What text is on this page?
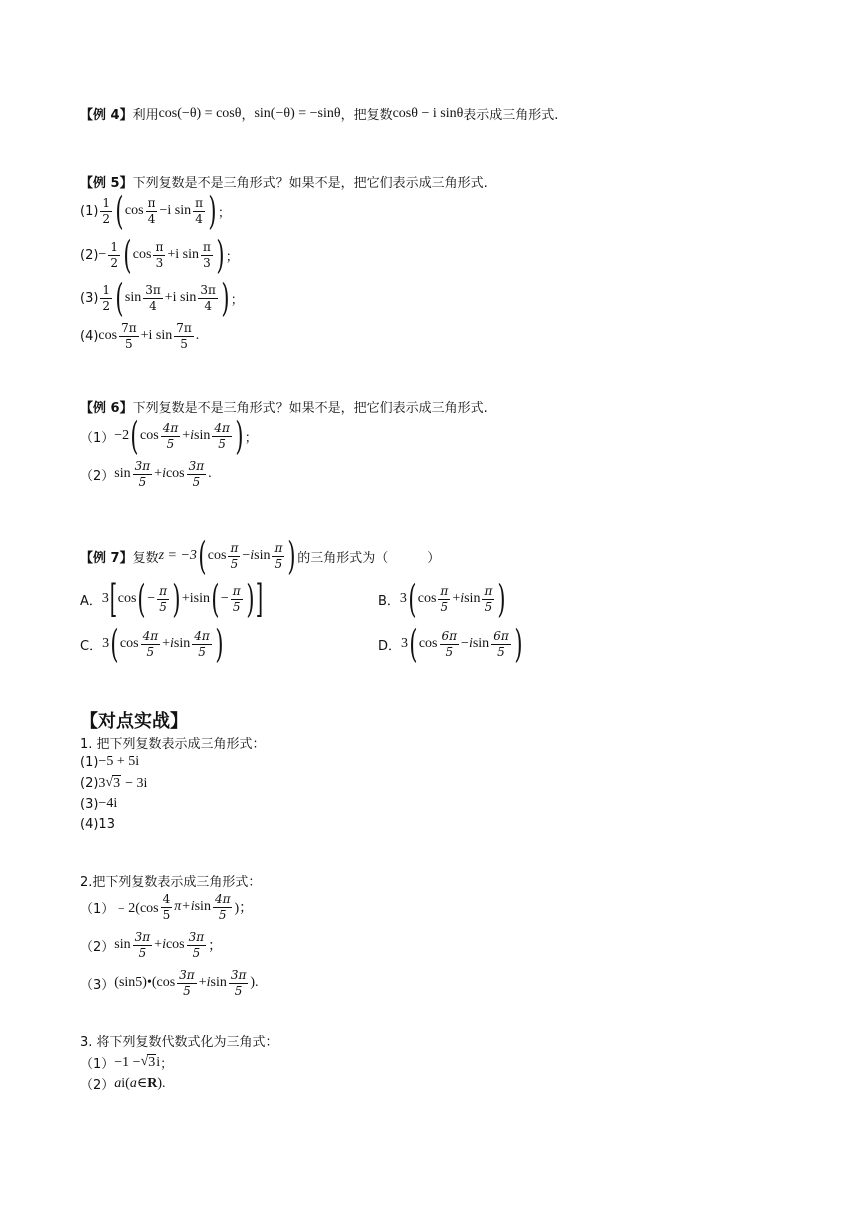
【例 4】 利用 cos(−θ) = cosθ ， sin(−θ) = −sinθ ，把复数 cosθ − i sinθ 表示成三角形式.
【例 5】 下列复数是不是三角形式？如果不是，把它们表示成三角形式.
$(1) \frac{1}{2}$ ( $\cos \frac{\pi}{4} - i$ $\sin \frac{\pi}{4}$ ) ；
$(2) - \frac{1}{2}$ ( $\cos \frac{\pi}{3} + i$ $\sin \frac{\pi}{3}$ ) ；
$(3) \frac{1}{2}$ ( $\sin \frac{3\pi}{4} + i$ $\sin \frac{3\pi}{4}$ ) ；
(4) $\cos \frac{7\pi}{5} + i$ $\sin \frac{7\pi}{5}$ .
【例 6】 下列复数是不是三角形式？如果不是，把它们表示成三角形式.
（1） −2 ( $\cos \frac{4\pi}{5} + i$ $\sin \frac{4\pi}{5}$ ) ；
（2） $\sin \frac{3\pi}{5} + i$ $\cos \frac{3\pi}{5}$ .
【例 7】 复数 z = −3 ( $\cos \frac{\pi}{5} - i$ $\sin \frac{\pi}{5}$ ) 的三角形式为（　　　）
A． 3 [ cos ( − $\frac{\pi}{5}$ ) + isin ( − $\frac{\pi}{5}$ ) ]	B． 3 ( $\cos \frac{\pi}{5} + i$ $\sin \frac{\pi}{5}$ )
C． 3 ( $\cos \frac{4\pi}{5} + i$ $\sin \frac{4\pi}{5}$ )	D． 3 ( $\cos \frac{6\pi}{5} - i$ $\sin \frac{6\pi}{5}$ )
【对点实战】
1. 把下列复数表示成三角形式：
(1) −5 + 5i
(2) 3 √ 3 − 3i
(3) −4i
(4) 13
2.把下列复数表示成三角形式：
（1） ﹣2(cos $\frac{4}{5} \pi+ i$ $\sin \frac{4\pi}{5}$ )；
（2） $\sin \frac{3\pi}{5} + i$ $\cos \frac{3\pi}{5}$ ；
（3） (sin5)•(cos $\frac{3\pi}{5} + i$ $\sin \frac{3\pi}{5}$ ).
3. 将下列复数代数式化为三角式：
（1） −1 − √ 3 i ；
（2） a i( a ∈ R ) .
